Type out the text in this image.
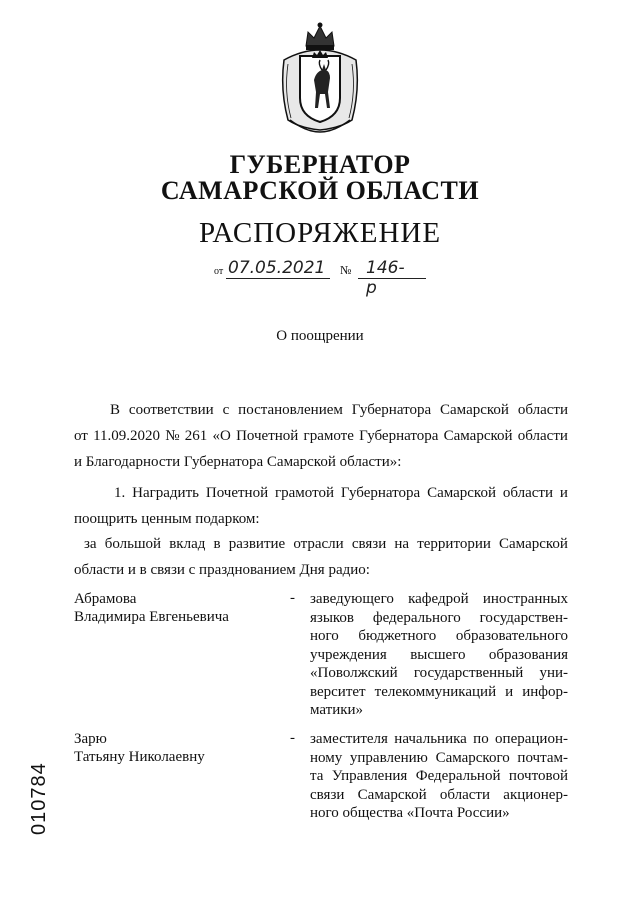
ГУБЕРНАТОР
САМАРСКОЙ ОБЛАСТИ
РАСПОРЯЖЕНИЕ
от 07.05.2021 № 146-р
О поощрении
В соответствии с постановлением Губернатора Самарской области
от 11.09.2020 № 261 «О Почетной грамоте Губернатора Самарской области
и Благодарности Губернатора Самарской области»:
1. Наградить Почетной грамотой Губернатора Самарской области и
поощрить ценным подарком:
за большой вклад в развитие отрасли связи на территории Самарской
области и в связи с празднованием Дня радио:
Абрамова
Владимира Евгеньевича
- заведующего кафедрой иностранных
языков федерального государствен-
ного бюджетного образовательного
учреждения высшего образования
«Поволжский государственный уни-
верситет телекоммуникаций и инфор-
матики»
Зарю
Татьяну Николаевну
- заместителя начальника по операцион-
ному управлению Самарского почтам-
та Управления Федеральной почтовой
связи Самарской области акционер-
ного общества «Почта России»
010784
